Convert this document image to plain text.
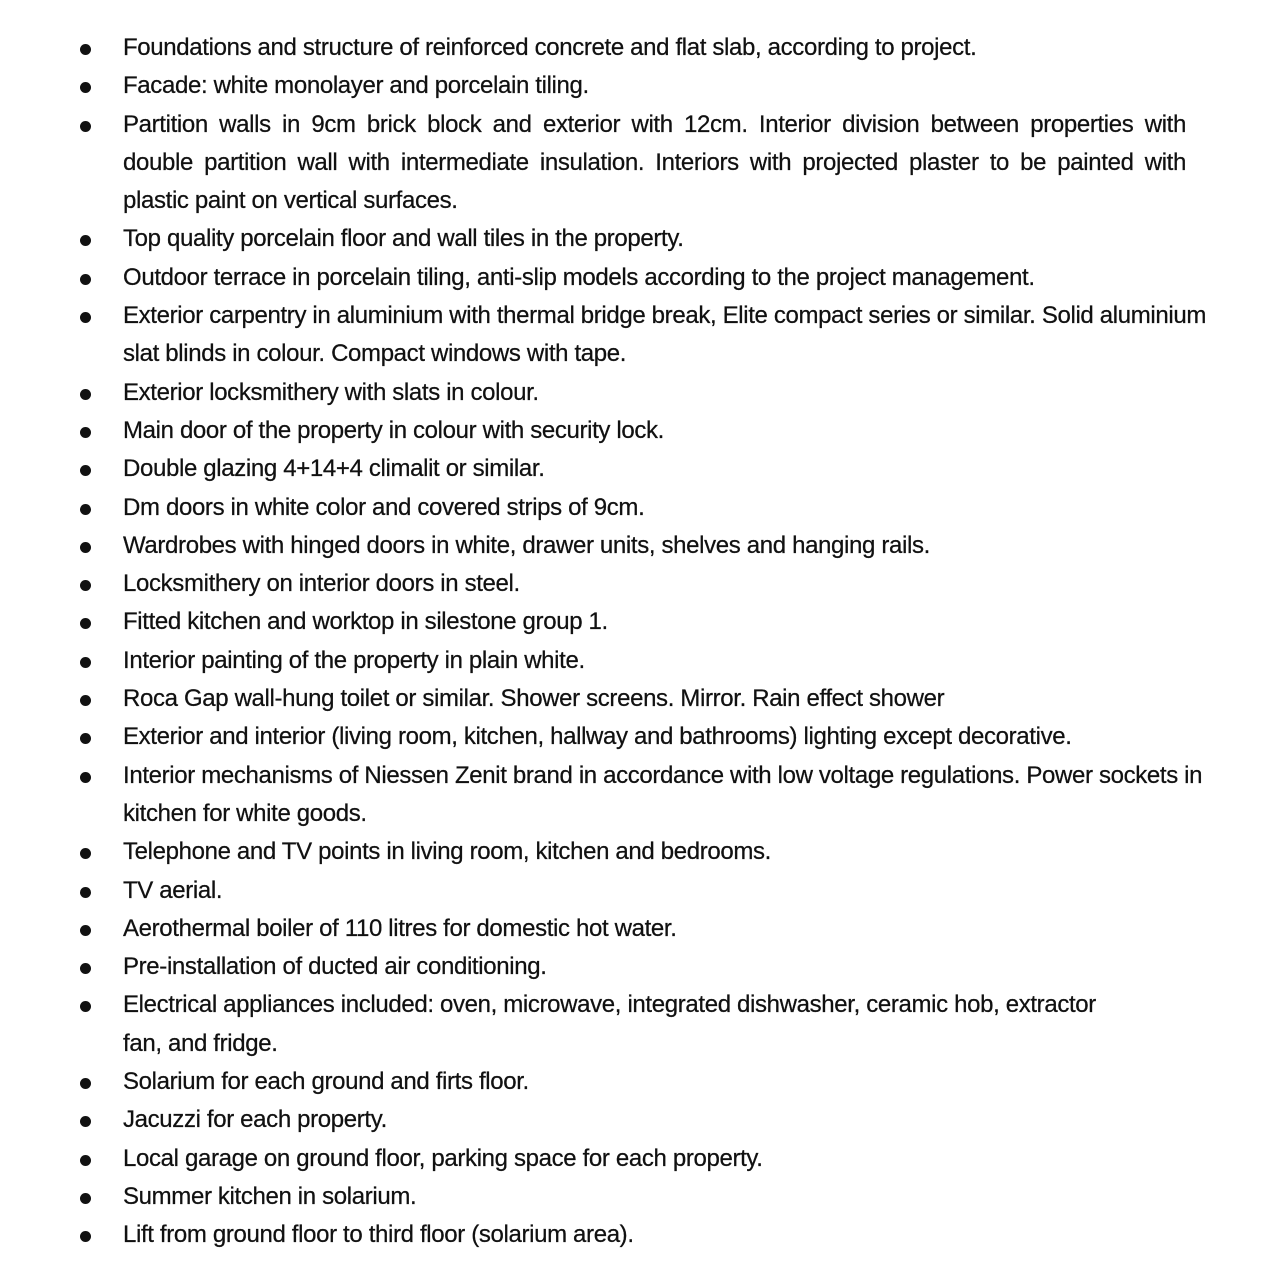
Foundations and structure of reinforced concrete and flat slab, according to project.
Facade: white monolayer and porcelain tiling.
Partition walls in 9cm brick block and exterior with 12cm. Interior division between properties with double partition wall with intermediate insulation. Interiors with projected plaster to be painted with plastic paint on vertical surfaces.
Top quality porcelain floor and wall tiles in the property.
Outdoor terrace in porcelain tiling, anti-slip models according to the project management.
Exterior carpentry in aluminium with thermal bridge break, Elite compact series or similar. Solid aluminium slat blinds in colour. Compact windows with tape.
Exterior locksmithery with slats in colour.
Main door of the property in colour with security lock.
Double glazing 4+14+4 climalit or similar.
Dm doors in white color and covered strips of 9cm.
Wardrobes with hinged doors in white, drawer units, shelves and hanging rails.
Locksmithery on interior doors in steel.
Fitted kitchen and worktop in silestone group 1.
Interior painting of the property in plain white.
Roca Gap wall-hung toilet or similar. Shower screens. Mirror. Rain effect shower
Exterior and interior (living room, kitchen, hallway and bathrooms) lighting except decorative.
Interior mechanisms of Niessen Zenit brand in accordance with low voltage regulations. Power sockets in kitchen for white goods.
Telephone and TV points in living room, kitchen and bedrooms.
TV aerial.
Aerothermal boiler of 110 litres for domestic hot water.
Pre-installation of ducted air conditioning.
Electrical appliances included: oven, microwave, integrated dishwasher, ceramic hob, extractor fan, and fridge.
Solarium for each ground and firts floor.
Jacuzzi for each property.
Local garage on ground floor, parking space for each property.
Summer kitchen in solarium.
Lift from ground floor to third floor (solarium area).
